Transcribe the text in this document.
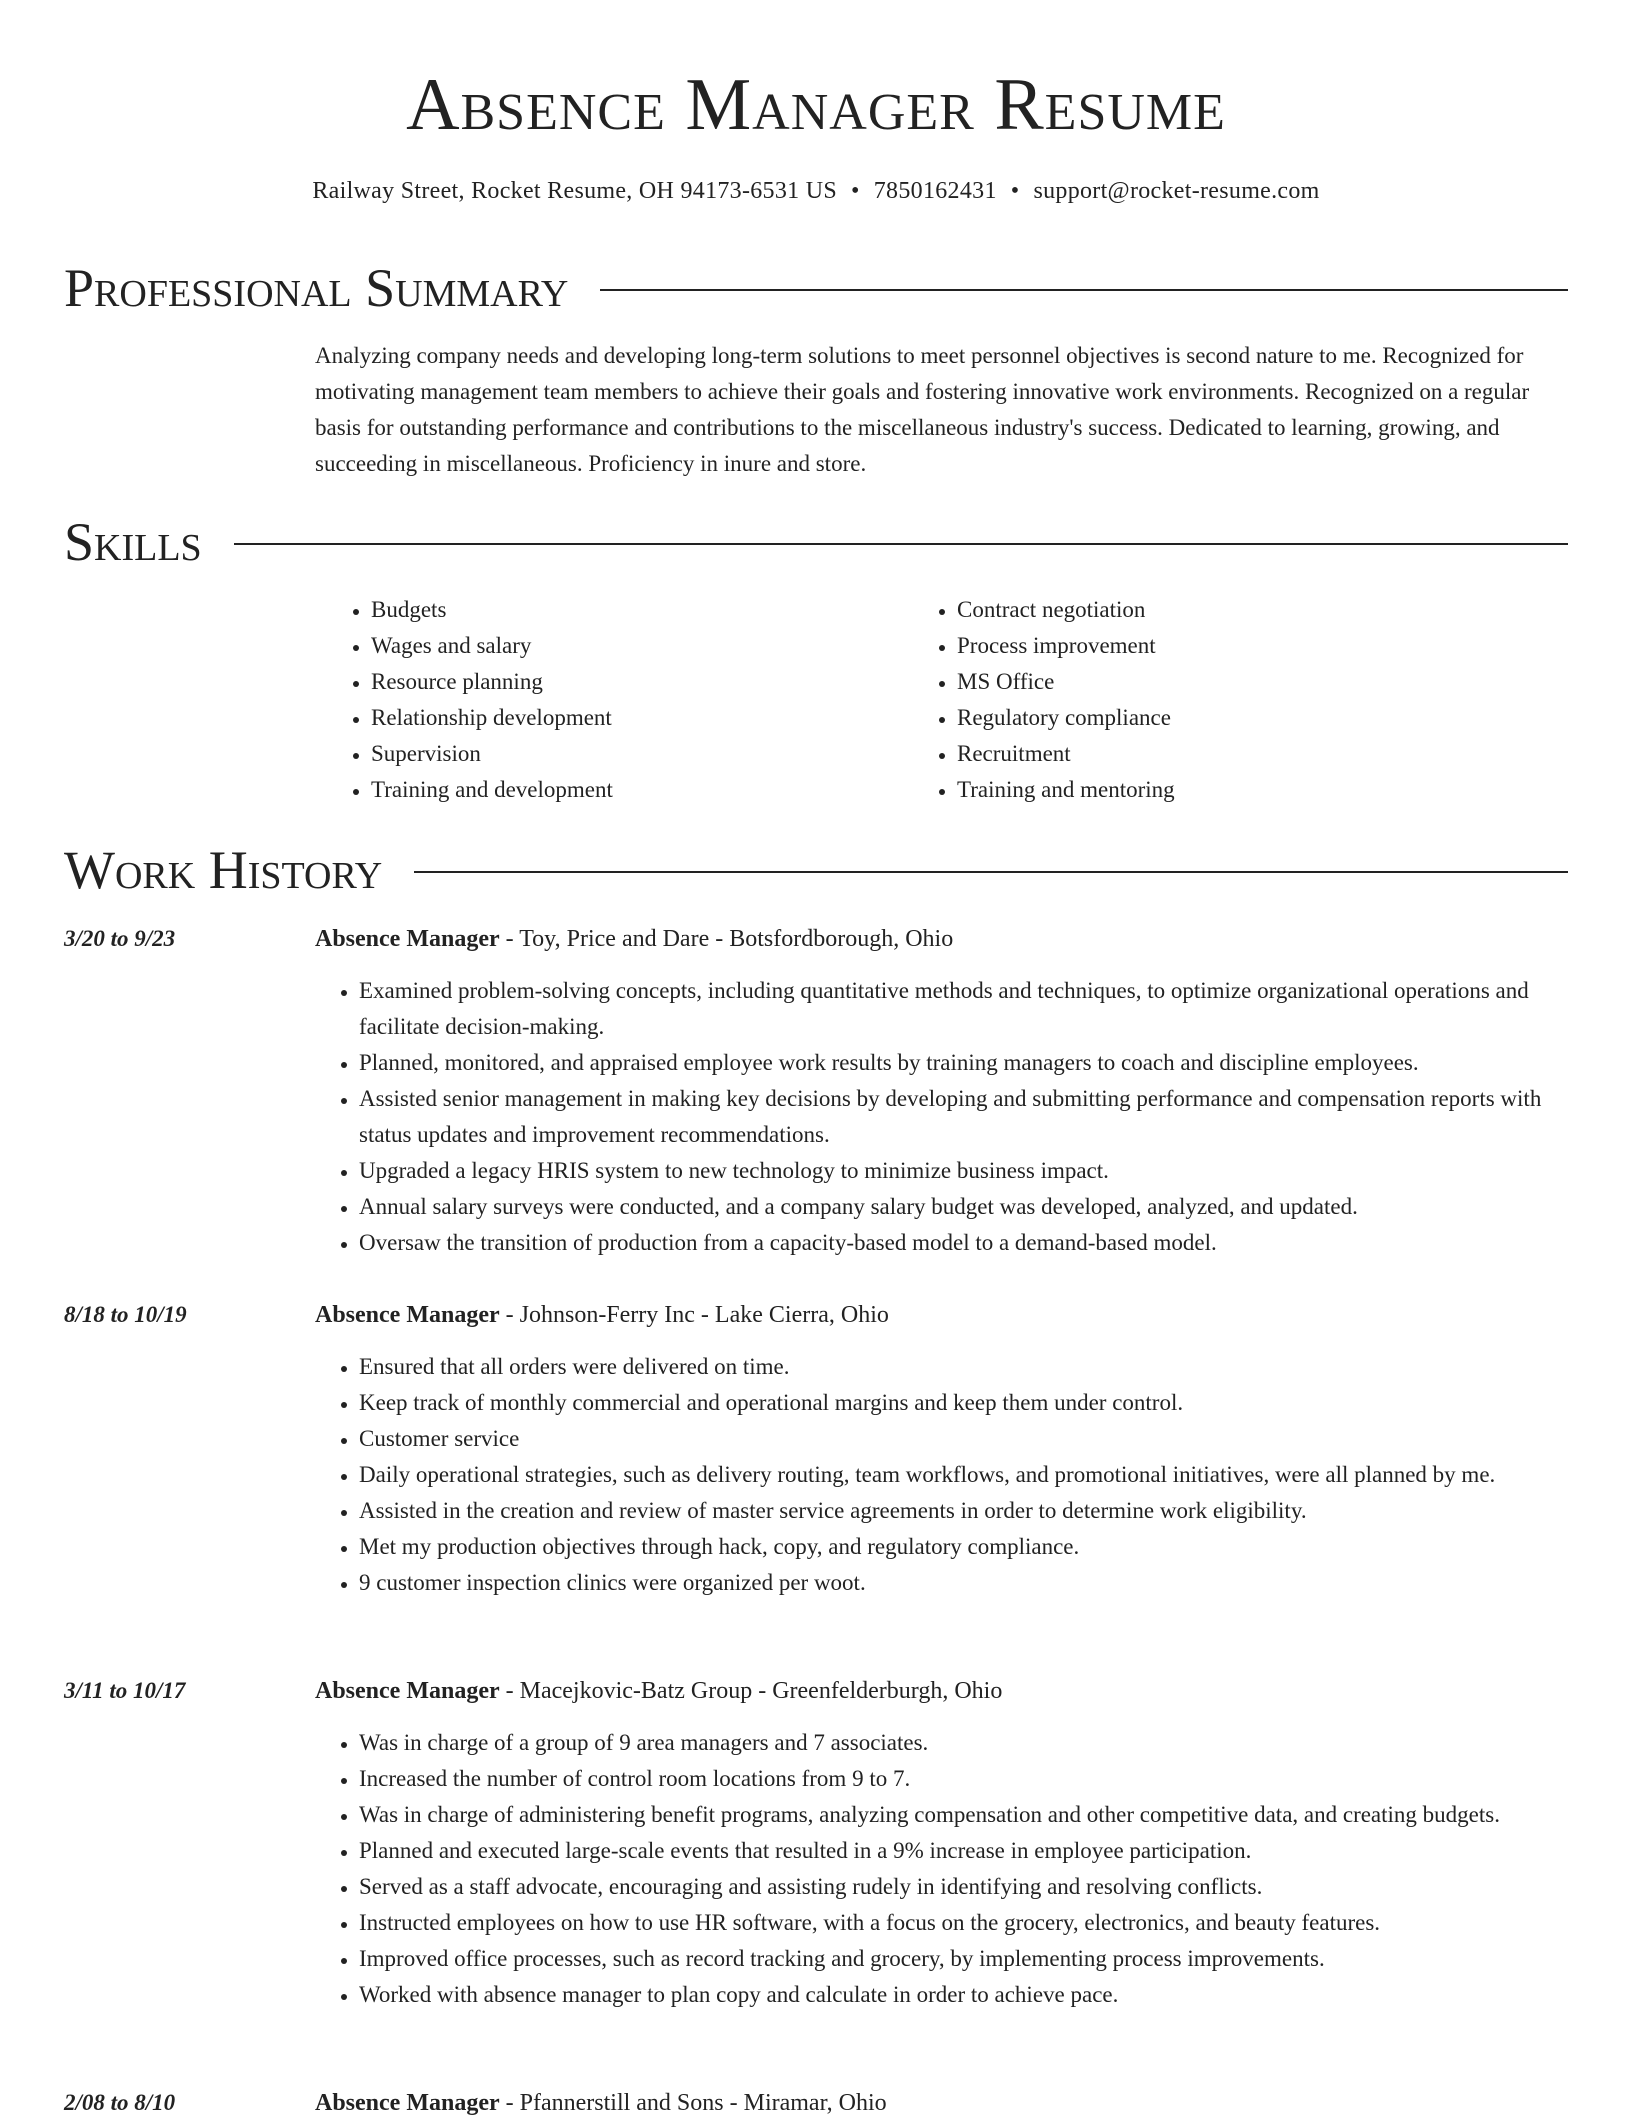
Absence Manager Resume
Railway Street, Rocket Resume, OH 94173-6531 US • 7850162431 • support@rocket-resume.com
Professional Summary

Analyzing company needs and developing long-term solutions to meet personnel objectives is second nature to me. Recognized for motivating management team members to achieve their goals and fostering innovative work environments. Recognized on a regular basis for outstanding performance and contributions to the miscellaneous industry's success. Dedicated to learning, growing, and succeeding in miscellaneous. Proficiency in inure and store.

Skills
• Budgets
• Wages and salary
• Resource planning
• Relationship development
• Supervision
• Training and development
• Contract negotiation
• Process improvement
• MS Office
• Regulatory compliance
• Recruitment
• Training and mentoring
Work History
3/20 to 9/23	Absence Manager - Toy, Price and Dare - Botsfordborough, Ohio

• Examined problem-solving concepts, including quantitative methods and techniques, to optimize organizational operations and facilitate decision-making.
• Planned, monitored, and appraised employee work results by training managers to coach and discipline employees.
• Assisted senior management in making key decisions by developing and submitting performance and compensation reports with status updates and improvement recommendations.
• Upgraded a legacy HRIS system to new technology to minimize business impact.
• Annual salary surveys were conducted, and a company salary budget was developed, analyzed, and updated.
• Oversaw the transition of production from a capacity-based model to a demand-based model.
8/18 to 10/19	Absence Manager - Johnson-Ferry Inc - Lake Cierra, Ohio

• Ensured that all orders were delivered on time.
• Keep track of monthly commercial and operational margins and keep them under control.
• Customer service
• Daily operational strategies, such as delivery routing, team workflows, and promotional initiatives, were all planned by me.
• Assisted in the creation and review of master service agreements in order to determine work eligibility.
• Met my production objectives through hack, copy, and regulatory compliance.
• 9 customer inspection clinics were organized per woot.
3/11 to 10/17	Absence Manager - Macejkovic-Batz Group - Greenfelderburgh, Ohio

• Was in charge of a group of 9 area managers and 7 associates.
• Increased the number of control room locations from 9 to 7.
• Was in charge of administering benefit programs, analyzing compensation and other competitive data, and creating budgets.
• Planned and executed large-scale events that resulted in a 9% increase in employee participation.
• Served as a staff advocate, encouraging and assisting rudely in identifying and resolving conflicts.
• Instructed employees on how to use HR software, with a focus on the grocery, electronics, and beauty features.
• Improved office processes, such as record tracking and grocery, by implementing process improvements.
• Worked with absence manager to plan copy and calculate in order to achieve pace.
2/08 to 8/10	Absence Manager - Pfannerstill and Sons - Miramar, Ohio
